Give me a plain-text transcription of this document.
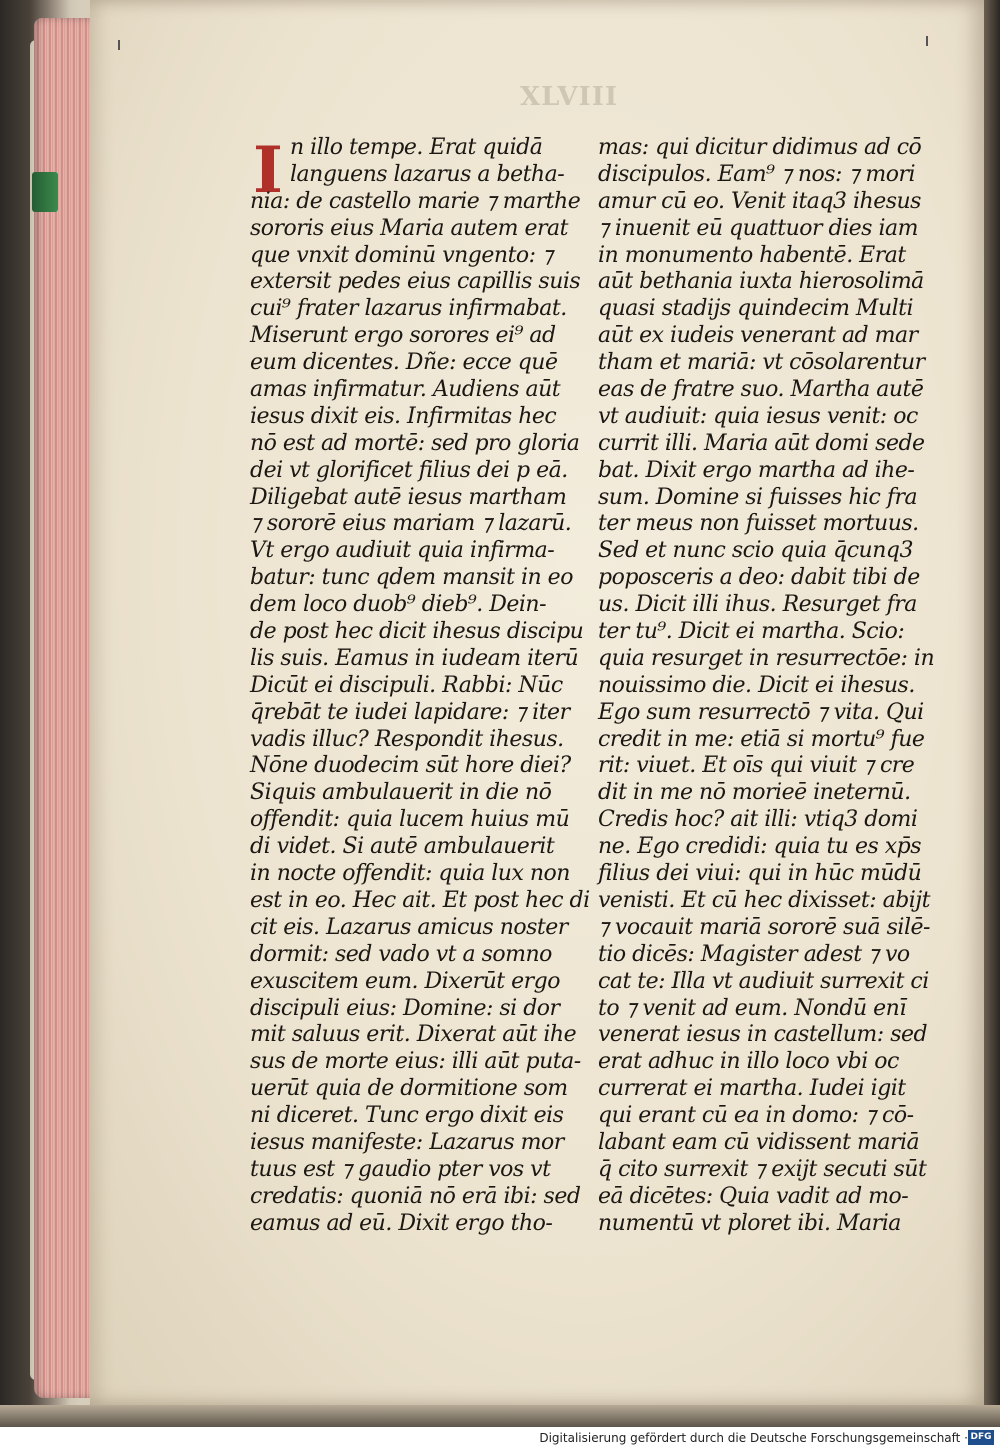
XLVIII
I n illo tempe. Erat quidā
languens lazarus a betha-
nia: de castello marie ⁊ marthe
sororis eius Maria autem erat
que vnxit dominū vngento: ⁊
extersit pedes eius capillis suis
cui⁹ frater lazarus infirmabat.
Miserunt ergo sorores ei⁹ ad
eum dicentes. Dñe: ecce quē
amas infirmatur. Audiens aūt
iesus dixit eis. Infirmitas hec
nō est ad mortē: sed pro gloria
dei vt glorificet filius dei p eā.
Diligebat autē iesus martham
⁊ sororē eius mariam ⁊ lazarū.
Vt ergo audiuit quia infirma-
batur: tunc qdem mansit in eo
dem loco duob⁹ dieb⁹. Dein-
de post hec dicit ihesus discipu
lis suis. Eamus in iudeam iterū
Dicūt ei discipuli. Rabbi: Nūc
q̄rebāt te iudei lapidare: ⁊ iter
vadis illuc? Respondit ihesus.
Nōne duodecim sūt hore diei?
Siquis ambulauerit in die nō
offendit: quia lucem huius mū
di videt. Si autē ambulauerit
in nocte offendit: quia lux non
est in eo. Hec ait. Et post hec di
cit eis. Lazarus amicus noster
dormit: sed vado vt a somno
exuscitem eum. Dixerūt ergo
discipuli eius: Domine: si dor
mit saluus erit. Dixerat aūt ihe
sus de morte eius: illi aūt puta-
uerūt quia de dormitione som
ni diceret. Tunc ergo dixit eis
iesus manifeste: Lazarus mor
tuus est ⁊ gaudio pter vos vt
credatis: quoniā nō erā ibi: sed
eamus ad eū. Dixit ergo tho-
mas: qui dicitur didimus ad cō
discipulos. Eam⁹ ⁊ nos: ⁊ mori
amur cū eo. Venit itaq3 ihesus
⁊ inuenit eū quattuor dies iam
in monumento habentē. Erat
aūt bethania iuxta hierosolimā
quasi stadijs quindecim Multi
aūt ex iudeis venerant ad mar
tham et mariā: vt cōsolarentur
eas de fratre suo. Martha autē
vt audiuit: quia iesus venit: oc
currit illi. Maria aūt domi sede
bat. Dixit ergo martha ad ihe-
sum. Domine si fuisses hic fra
ter meus non fuisset mortuus.
Sed et nunc scio quia q̄cunq3
poposceris a deo: dabit tibi de
us. Dicit illi ihus. Resurget fra
ter tu⁹. Dicit ei martha. Scio:
quia resurget in resurrectōe: in
nouissimo die. Dicit ei ihesus.
Ego sum resurrectō ⁊ vita. Qui
credit in me: etiā si mortu⁹ fue
rit: viuet. Et oīs qui viuit ⁊ cre
dit in me nō morieē ineternū.
Credis hoc? ait illi: vtiq3 domi
ne. Ego credidi: quia tu es xp̄s
filius dei viui: qui in hūc mūdū
venisti. Et cū hec dixisset: abijt
⁊ vocauit mariā sororē suā silē-
tio dicēs: Magister adest ⁊ vo
cat te: Illa vt audiuit surrexit ci
to ⁊ venit ad eum. Nondū enī
venerat iesus in castellum: sed
erat adhuc in illo loco vbi oc
currerat ei martha. Iudei igit
qui erant cū ea in domo: ⁊ cō-
labant eam cū vidissent mariā
q̄ cito surrexit ⁊ exijt secuti sūt
eā dicētes: Quia vadit ad mo-
numentū vt ploret ibi. Maria
Digitalisierung gefördert durch die Deutsche Forschungsgemeinschaft · DFG
